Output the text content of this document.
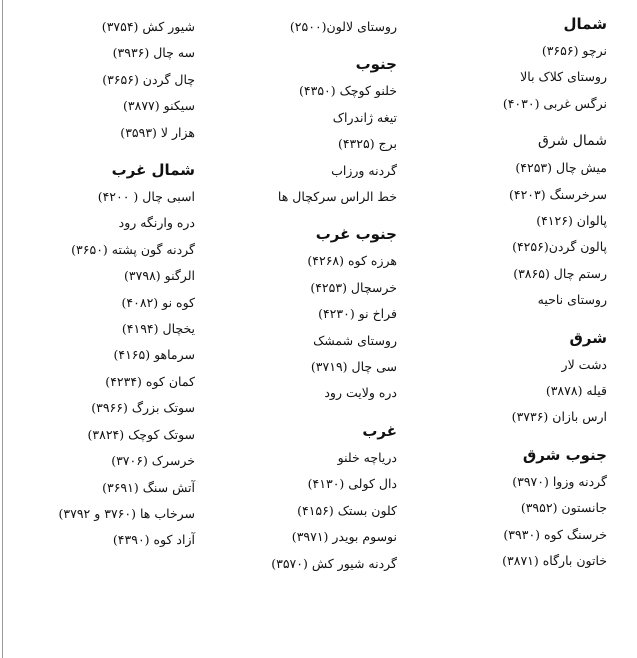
شمال
نرچو (۳۶۵۶)
روستای کلاک بالا
نرگس غربی (۴۰۳۰)
شمال شرق
میش چال (۴۲۵۳)
سرخرسنگ (۴۲۰۳)
پالوان (۴۱۲۶)
پالون گردن(۴۲۵۶)
رستم چال (۳۸۶۵)
روستای ناحیه
شرق
دشت لار
قیله (۳۸۷۸)
ارس بازان (۳۷۳۶)
جنوب شرق
گردنه وزوا (۳۹۷۰)
جانستون (۳۹۵۲)
خرسنگ کوه (۳۹۳۰)
خاتون بارگاه (۳۸۷۱)
روستای لالون(۲۵۰۰)
جنوب
خلنو کوچک (۴۳۵۰)
تیغه ژاندراک
برج (۴۳۲۵)
گردنه ورزاب
خط الراس سرکچال ها
جنوب غرب
هرزه کوه (۴۲۶۸)
خرسچال (۴۲۵۳)
فراخ نو (۴۲۳۰)
روستای شمشک
سی چال (۳۷۱۹)
دره ولایت رود
غرب
دریاچه خلنو
دال کولی (۴۱۳۰)
کلون بستک (۴۱۵۶)
نوسوم بویدر (۳۹۷۱)
گردنه شیور کش (۳۵۷۰)
شیور کش (۳۷۵۴)
سه چال (۳۹۳۶)
چال گردن (۳۶۵۶)
سیکنو (۳۸۷۷)
هزار لا (۳۵۹۳)
شمال غرب
اسبی چال ( ۴۲۰۰)
دره وارنگه رود
گردنه گون پشته (۳۶۵۰)
الرگنو (۳۷۹۸)
کوه نو (۴۰۸۲)
یخچال (۴۱۹۴)
سرماهو (۴۱۶۵)
کمان کوه (۴۲۳۴)
سوتک بزرگ (۳۹۶۶)
سوتک کوچک (۳۸۲۴)
خرسرک (۳۷۰۶)
آتش سنگ (۳۶۹۱)
سرخاب ها (۳۷۶۰ و ۳۷۹۲)
آزاد کوه (۴۳۹۰)
